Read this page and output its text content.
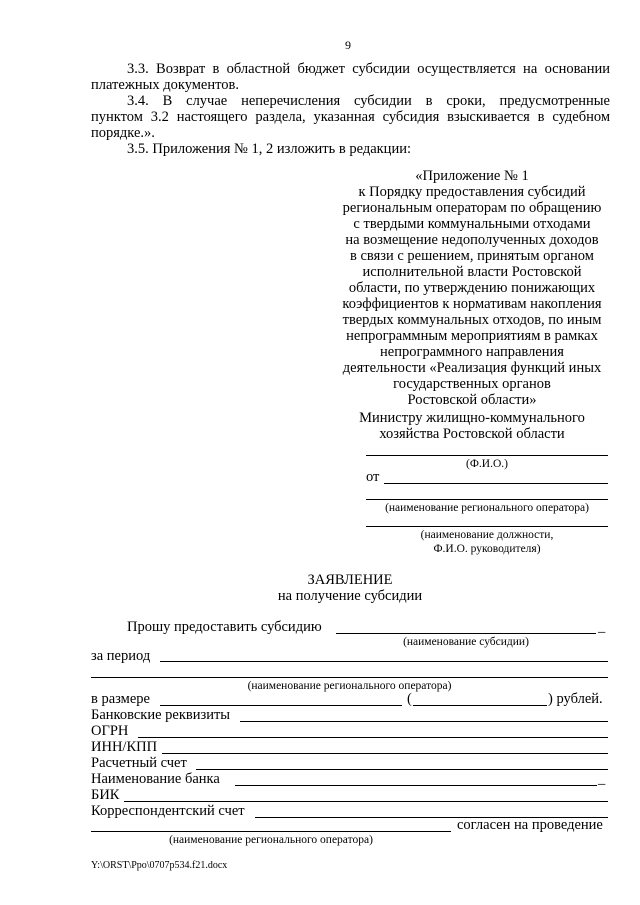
9
3.3. Возврат в областной бюджет субсидии осуществляется на основании
платежных документов.
3.4. В случае неперечисления субсидии в сроки, предусмотренные
пунктом 3.2 настоящего раздела, указанная субсидия взыскивается в судебном
порядке.».
3.5. Приложения № 1, 2 изложить в редакции:
«Приложение № 1
к Порядку предоставления субсидий
региональным операторам по обращению
с твердыми коммунальными отходами
на возмещение недополученных доходов
в связи с решением, принятым органом
исполнительной власти Ростовской
области, по утверждению понижающих
коэффициентов к нормативам накопления
твердых коммунальных отходов, по иным
непрограммным мероприятиям в рамках
непрограммного направления
деятельности «Реализация функций иных
государственных органов
Ростовской области»
Министру жилищно-коммунального
хозяйства Ростовской области
(Ф.И.О.)
от
(наименование регионального оператора)
(наименование должности,
Ф.И.О. руководителя)
ЗАЯВЛЕНИЕ
на получение субсидии
Прошу предоставить субсидию	_
(наименование субсидии)
за период
(наименование регионального оператора)
в размере	(	) рублей.
Банковские реквизиты
ОГРН
ИНН/КПП
Расчетный счет
Наименование банка	_
БИК
Корреспондентский счет
согласен на проведение
(наименование регионального оператора)
Y:\ORST\Ppo\0707p534.f21.docx
